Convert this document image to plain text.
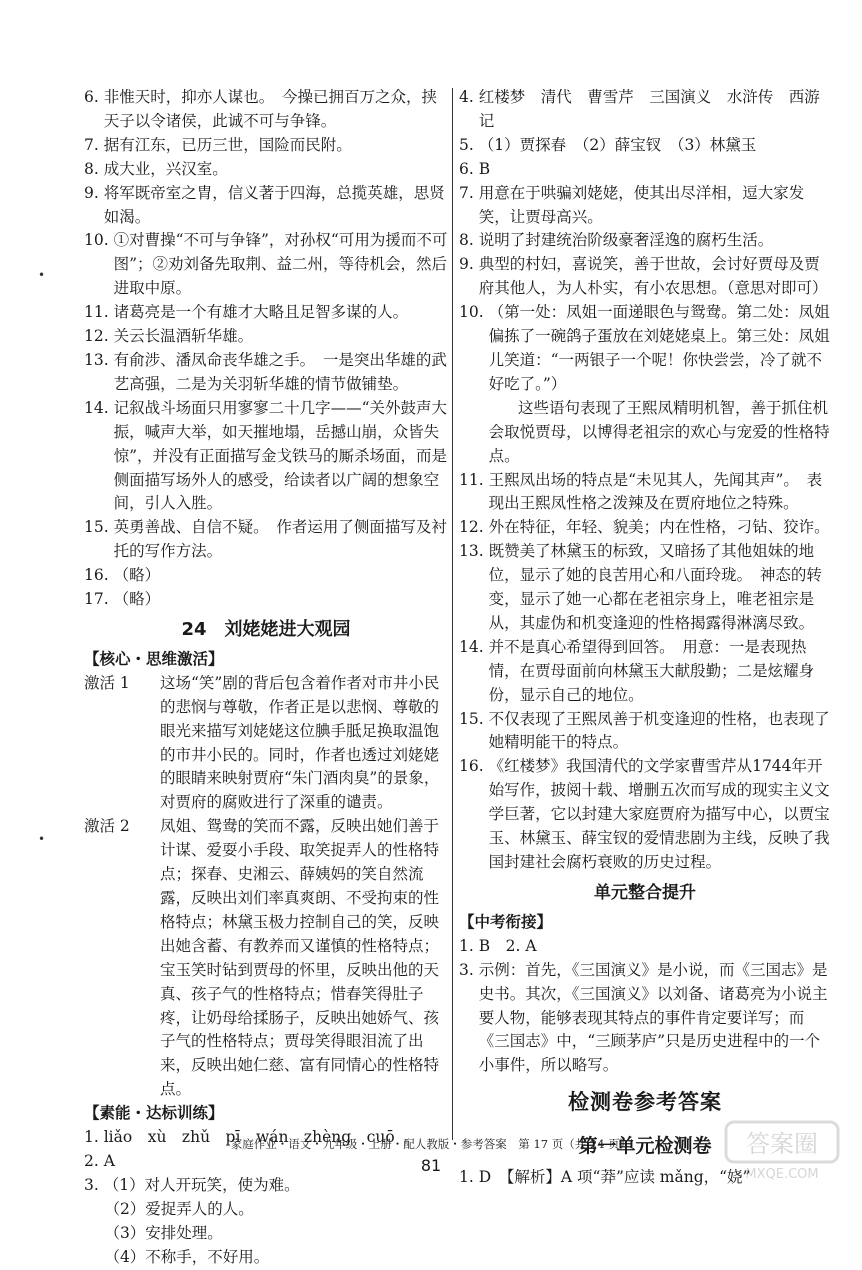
•
•
6. 非惟天时，抑亦人谋也。　今操已拥百万之众，挟天子以令诸侯，此诚不可与争锋。
7. 据有江东，已历三世，国险而民附。
8. 成大业，兴汉室。
9. 将军既帝室之胄，信义著于四海，总揽英雄，思贤如渴。
10. ①对曹操“不可与争锋”，对孙权“可用为援而不可图”；②劝刘备先取荆、益二州，等待机会，然后进取中原。
11. 诸葛亮是一个有雄才大略且足智多谋的人。
12. 关云长温酒斩华雄。
13. 有俞涉、潘凤命丧华雄之手。　一是突出华雄的武艺高强，二是为关羽斩华雄的情节做铺垫。
14. 记叙战斗场面只用寥寥二十几字——“关外鼓声大振，喊声大举，如天摧地塌，岳撼山崩，众皆失惊”，并没有正面描写金戈铁马的厮杀场面，而是侧面描写场外人的感受，给读者以广阔的想象空间，引人入胜。
15. 英勇善战、自信不疑。　作者运用了侧面描写及衬托的写作方法。
16. （略）
17. （略）
24　刘姥姥进大观园
【核心・思维激活】
激活 1	这场“笑”剧的背后包含着作者对市井小民的悲悯与尊敬，作者正是以悲悯、尊敬的眼光来描写刘姥姥这位腆手胝足换取温饱的市井小民的。同时，作者也透过刘姥姥的眼睛来映射贾府“朱门酒肉臭”的景象，对贾府的腐败进行了深重的谴责。
激活 2	凤姐、鸳鸯的笑而不露，反映出她们善于计谋、爱耍小手段、取笑捉弄人的性格特点；探春、史湘云、薛姨妈的笑自然流露，反映出刘们率真爽朗、不受拘束的性格特点；林黛玉极力控制自己的笑，反映出她含蓄、有教养而又谨慎的性格特点；宝玉笑时钻到贾母的怀里，反映出他的天真、孩子气的性格特点；惜春笑得肚子疼，让奶母给揉肠子，反映出她娇气、孩子气的性格特点；贾母笑得眼泪流了出来，反映出她仁慈、富有同情心的性格特点。
【素能・达标训练】
1. liǎo　xù　zhǔ　pī　wán　zhèng　cuō
2. A
3. （1）对人开玩笑，使为难。

（2）爱捉弄人的人。

（3）安排处理。

（4）不称手，不好用。
4. 红楼梦　清代　曹雪芹　三国演义　水浒传　西游记
5. （1）贾探春　（2）薛宝钗　（3）林黛玉
6. B
7. 用意在于哄骗刘姥姥，使其出尽洋相，逗大家发笑，让贾母高兴。
8. 说明了封建统治阶级豪奢淫逸的腐朽生活。
9. 典型的村妇，喜说笑，善于世故，会讨好贾母及贾府其他人，为人朴实，有小农思想。（意思对即可）
10. （第一处：凤姐一面递眼色与鸳鸯。第二处：凤姐偏拣了一碗鸽子蛋放在刘姥姥桌上。第三处：凤姐儿笑道：“一两银子一个呢！你快尝尝，冷了就不好吃了。”）
这些语句表现了王熙凤精明机智，善于抓住机会取悦贾母，以博得老祖宗的欢心与宠爱的性格特点。
11. 王熙凤出场的特点是“未见其人，先闻其声”。　表现出王熙凤性格之泼辣及在贾府地位之特殊。
12. 外在特征，年轻、貌美；内在性格，刁钻、狡诈。
13. 既赞美了林黛玉的标致，又暗扬了其他姐妹的地位，显示了她的良苦用心和八面玲珑。　神态的转变，显示了她一心都在老祖宗身上，唯老祖宗是从，其虚伪和机变逢迎的性格揭露得淋漓尽致。
14. 并不是真心希望得到回答。　用意：一是表现热情，在贾母面前向林黛玉大献殷勤；二是炫耀身份，显示自己的地位。
15. 不仅表现了王熙凤善于机变逢迎的性格，也表现了她精明能干的特点。
16. 《红楼梦》我国清代的文学家曹雪芹从1744年开始写作，披阅十载、增删五次而写成的现实主义文学巨著，它以封建大家庭贾府为描写中心，以贾宝玉、林黛玉、薛宝钗的爱情悲剧为主线，反映了我国封建社会腐朽衰败的历史过程。
单元整合提升
【中考衔接】
1. B　2. A
3. 示例：首先，《三国演义》是小说，而《三国志》是史书。其次，《三国演义》以刘备、诸葛亮为小说主要人物，能够表现其特点的事件肯定要详写；而《三国志》中，“三顾茅庐”只是历史进程中的一个小事件，所以略写。
检测卷参考答案
第一单元检测卷
1. D　【解析】A 项“莽”应读 mǎng，“娆”
家庭作业・语文・九年级・上册・配人教版・参考答案　第 17 页（共 24 页）
81
答案圈
MXQE.COM
